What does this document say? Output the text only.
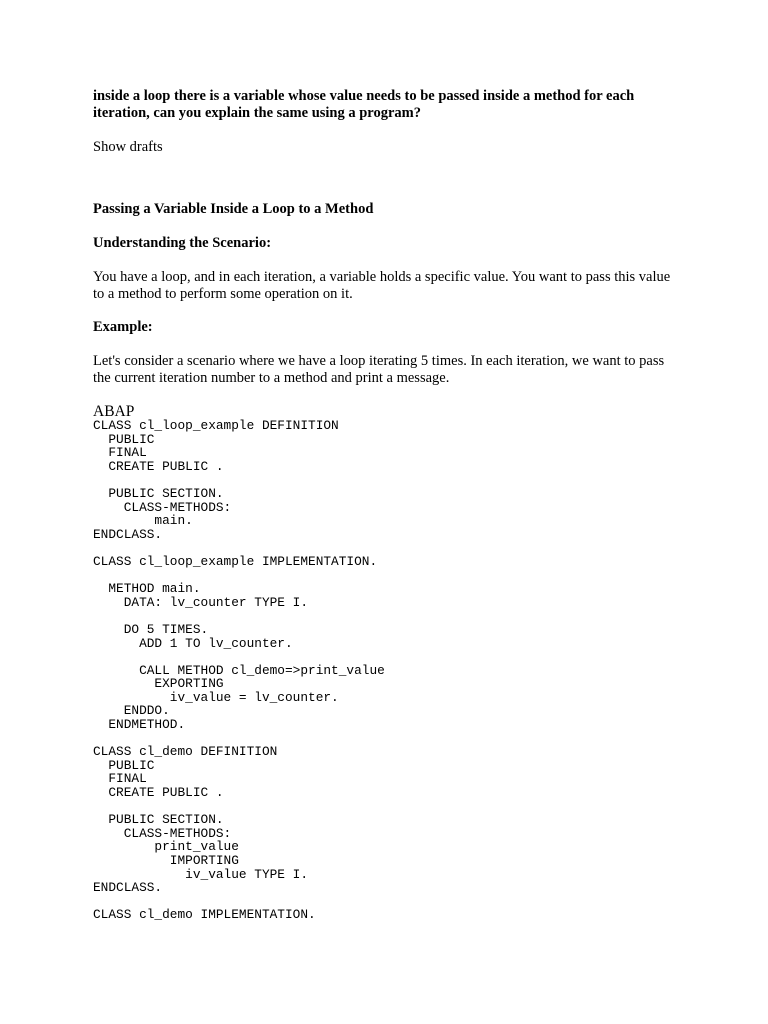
inside a loop there is a variable whose value needs to be passed inside a method for each iteration, can you explain the same using a program?

Show drafts

Passing a Variable Inside a Loop to a Method

Understanding the Scenario:

You have a loop, and in each iteration, a variable holds a specific value. You want to pass this value to a method to perform some operation on it.

Example:

Let's consider a scenario where we have a loop iterating 5 times. In each iteration, we want to pass the current iteration number to a method and print a message.

ABAP

CLASS cl_loop_example DEFINITION
PUBLIC
FINAL
CREATE PUBLIC .

PUBLIC SECTION.
CLASS-METHODS:
main.
ENDCLASS.

CLASS cl_loop_example IMPLEMENTATION.

METHOD main.
DATA: lv_counter TYPE I.

DO 5 TIMES.
ADD 1 TO lv_counter.

CALL METHOD cl_demo=>print_value
EXPORTING
iv_value = lv_counter.
ENDDO.
ENDMETHOD.

CLASS cl_demo DEFINITION
PUBLIC
FINAL
CREATE PUBLIC .

PUBLIC SECTION.
CLASS-METHODS:
print_value
IMPORTING
iv_value TYPE I.
ENDCLASS.

CLASS cl_demo IMPLEMENTATION.
